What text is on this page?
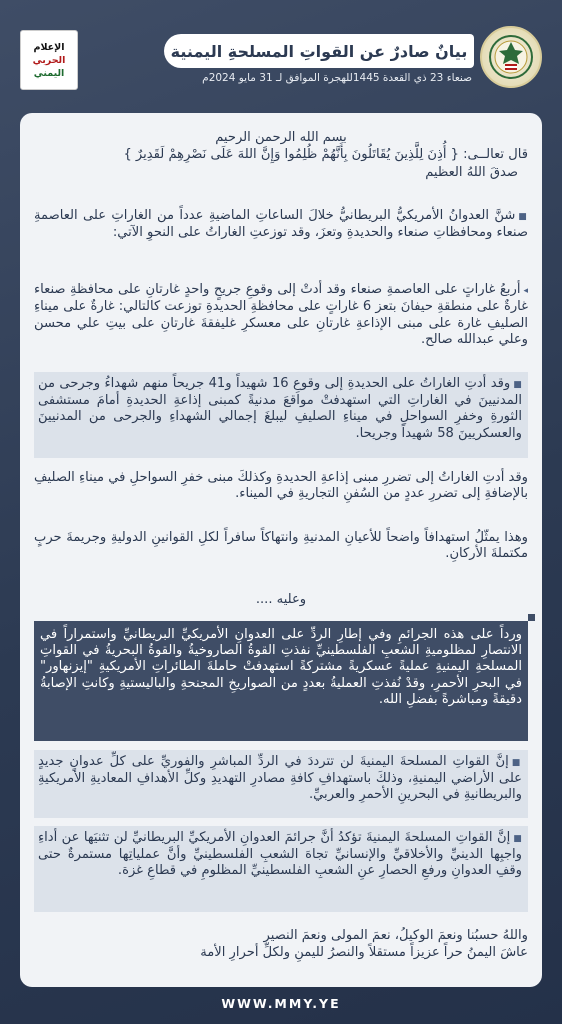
الإعلام
الحربي
اليمني
بيانٌ صادرٌ عن القواتِ المسلحةِ اليمنية
صنعاء 23 ذي القعدة 1445للهجرة الموافق لـ 31 مايو 2024م
بسم الله الرحمن الرحيم
قال تعالــى: { أُذِنَ لِلَّذِينَ يُقَاتَلُونَ بِأَنَّهُمْ ظُلِمُوا وَإِنَّ اللهَ عَلَى نَصْرِهِمْ لَقَدِيرٌ }
صدقَ اللهُ العظيم
■شنَّ العدوانُ الأمريكيُّ البريطانيُّ خلالَ الساعاتِ الماضيةِ عدداً من الغاراتِ على العاصمةِ صنعاء ومحافظاتِ صنعاء والحديدةِ وتعزَ، وقد توزعتِ الغاراتُ على النحوِ الآتي:
◂أربعُ غاراتٍ على العاصمةِ صنعاء وقد أدتْ إلى وقوعِ جريحٍ واحدٍ غارتانِ على محافظةِ صنعاء غارةٌ على منطقةِ حيفانَ بتعز 6 غاراتٍ على محافظةِ الحديدةِ توزعت كالتالي: غارةٌ على ميناءِ الصليفِ غارة على مبنى الإذاعةِ غارتانِ على معسكرِ غليفقةَ غارتانِ على بيتِ علي محسن وعلي عبدالله صالح.
■وقد أدتِ الغاراتُ على الحديدةِ إلى وقوعِ 16 شهيداً و41 جريحاً منهم شهداءُ وجرحى من المدنيينَ في الغاراتِ التي استهدفتْ مواقعَ مدنيةً كمبنى إذاعةِ الحديدةِ أمامَ مستشفى الثورةِ وخفرِ السواحلِ في ميناءِ الصليفِ ليبلغَ إجمالي الشهداءِ والجرحى من المدنيينَ والعسكريينَ 58 شهيداً وجريحا.
وقد أدتِ الغاراتُ إلى تضررِ مبنى إذاعةِ الحديدةِ وكذلكَ مبنى خفرِ السواحلِ في ميناءِ الصليفِ بالإضافةِ إلى تضررِ عددٍ من السُفنِ التجاريةِ في الميناء.
وهذا يمثّلُ استهدافاً واضحاً للأعيانِ المدنيةِ وانتهاكاً سافراً لكلِ القوانينِ الدوليةِ وجريمةَ حربٍ مكتملةَ الأركانِ.
وعليه ....
ورداً على هذه الجرائمِ وفي إطارِ الردِّ على العدوانِ الأمريكيِّ البريطانيِّ واستمراراً في الانتصارِ لمظلوميةِ الشعبِ الفلسطينيِّ نفذتِ القوةُ الصاروخيةُ والقوةُ البحريةُ في القواتِ المسلحةِ اليمنيةِ عمليةً عسكريةً مشتركةً استهدفتْ حاملةَ الطائراتِ الأمريكيةِ "إيزنهاور" في البحرِ الأحمرِ، وقدْ نُفذتِ العمليةُ بعددٍ من الصواريخِ المجنحةِ والباليستيةِ وكانتِ الإصابةُ دقيقةً ومباشرةً بفضلِ الله.
■إنَّ القواتِ المسلحةَ اليمنيةَ لن تترددَ في الردِّ المباشرِ والفوريِّ على كلِّ عدوانٍ جديدٍ على الأراضي اليمنيةِ، وذلكَ باستهدافِ كافةِ مصادرِ التهديدِ وكلِّ الأهدافِ المعاديةِ الأمريكيةِ والبريطانيةِ في البحرينِ الأحمرِ والعربيِّ.
■إنَّ القواتِ المسلحةَ اليمنيةَ تؤكدُ أنَّ جرائمَ العدوانِ الأمريكيِّ البريطانيِّ لن تثنيَها عن أداءِ واجبِها الدينيِّ والأخلاقيِّ والإنسانيِّ تجاهَ الشعبِ الفلسطينيِّ وأنَّ عملياتِها مستمرةٌ حتى وقفِ العدوانِ ورفعِ الحصارِ عنِ الشعبِ الفلسطينيِّ المظلومِ في قطاعِ غزة.
واللهُ حسبُنا ونعمَ الوكيلُ، نعمَ المولى ونعمَ النصير
عاشَ اليمنُ حراً عزيزاً مستقلاً والنصرُ لليمنِ ولكلِّ أحرارِ الأمة
WWW.MMY.YE
